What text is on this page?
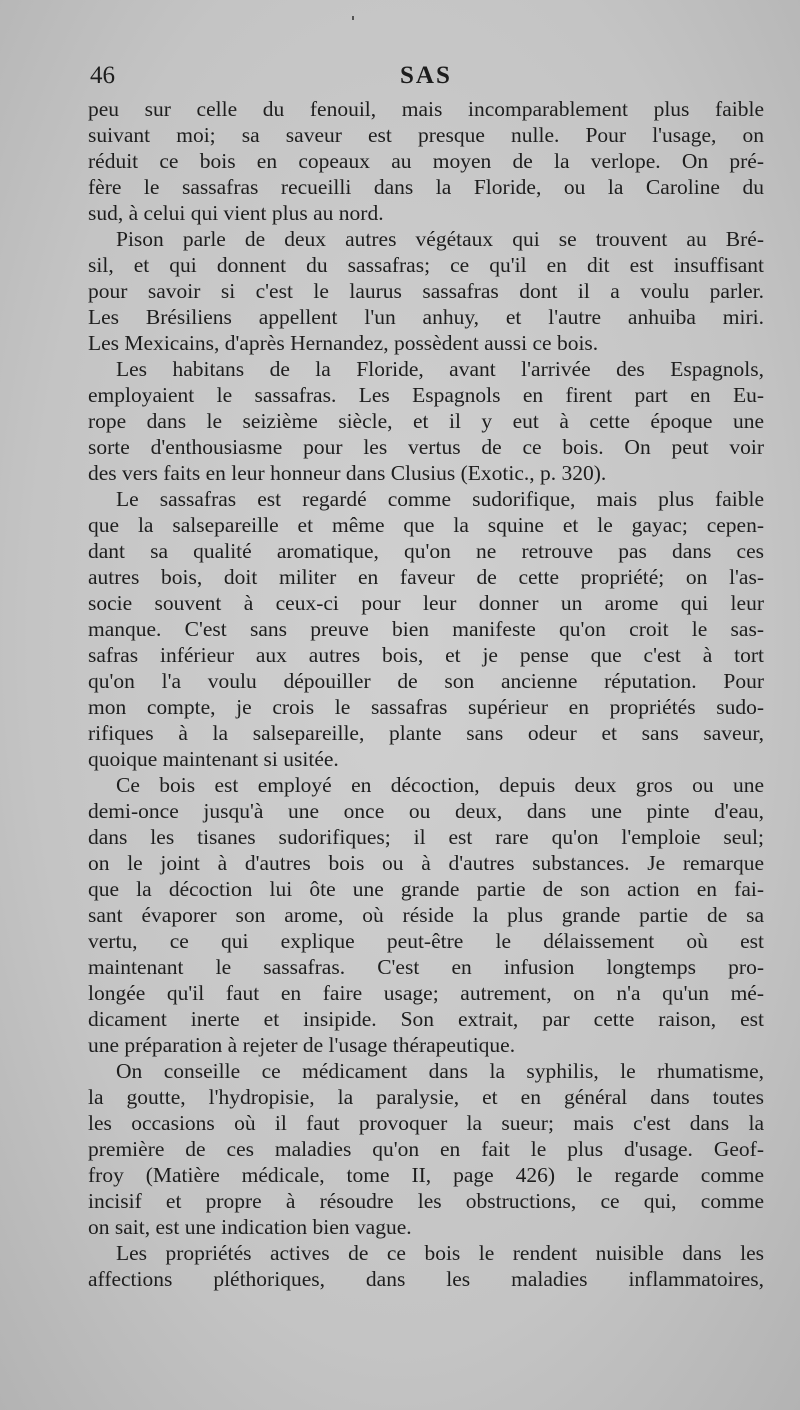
46	SAS
peu sur celle du fenouil, mais incomparablement plus faible
suivant moi; sa saveur est presque nulle. Pour l'usage, on
réduit ce bois en copeaux au moyen de la verlope. On pré-
fère le sassafras recueilli dans la Floride, ou la Caroline du
sud, à celui qui vient plus au nord.
Pison parle de deux autres végétaux qui se trouvent au Bré-
sil, et qui donnent du sassafras; ce qu'il en dit est insuffisant
pour savoir si c'est le laurus sassafras dont il a voulu parler.
Les Brésiliens appellent l'un anhuy, et l'autre anhuiba miri.
Les Mexicains, d'après Hernandez, possèdent aussi ce bois.
Les habitans de la Floride, avant l'arrivée des Espagnols,
employaient le sassafras. Les Espagnols en firent part en Eu-
rope dans le seizième siècle, et il y eut à cette époque une
sorte d'enthousiasme pour les vertus de ce bois. On peut voir
des vers faits en leur honneur dans Clusius (Exotic., p. 320).
Le sassafras est regardé comme sudorifique, mais plus faible
que la salsepareille et même que la squine et le gayac; cepen-
dant sa qualité aromatique, qu'on ne retrouve pas dans ces
autres bois, doit militer en faveur de cette propriété; on l'as-
socie souvent à ceux-ci pour leur donner un arome qui leur
manque. C'est sans preuve bien manifeste qu'on croit le sas-
safras inférieur aux autres bois, et je pense que c'est à tort
qu'on l'a voulu dépouiller de son ancienne réputation. Pour
mon compte, je crois le sassafras supérieur en propriétés sudo-
rifiques à la salsepareille, plante sans odeur et sans saveur,
quoique maintenant si usitée.
Ce bois est employé en décoction, depuis deux gros ou une
demi-once jusqu'à une once ou deux, dans une pinte d'eau,
dans les tisanes sudorifiques; il est rare qu'on l'emploie seul;
on le joint à d'autres bois ou à d'autres substances. Je remarque
que la décoction lui ôte une grande partie de son action en fai-
sant évaporer son arome, où réside la plus grande partie de sa
vertu, ce qui explique peut-être le délaissement où est
maintenant le sassafras. C'est en infusion longtemps pro-
longée qu'il faut en faire usage; autrement, on n'a qu'un mé-
dicament inerte et insipide. Son extrait, par cette raison, est
une préparation à rejeter de l'usage thérapeutique.
On conseille ce médicament dans la syphilis, le rhumatisme,
la goutte, l'hydropisie, la paralysie, et en général dans toutes
les occasions où il faut provoquer la sueur; mais c'est dans la
première de ces maladies qu'on en fait le plus d'usage. Geof-
froy (Matière médicale, tome II, page 426) le regarde comme
incisif et propre à résoudre les obstructions, ce qui, comme
on sait, est une indication bien vague.
Les propriétés actives de ce bois le rendent nuisible dans les
affections pléthoriques, dans les maladies inflammatoires,
